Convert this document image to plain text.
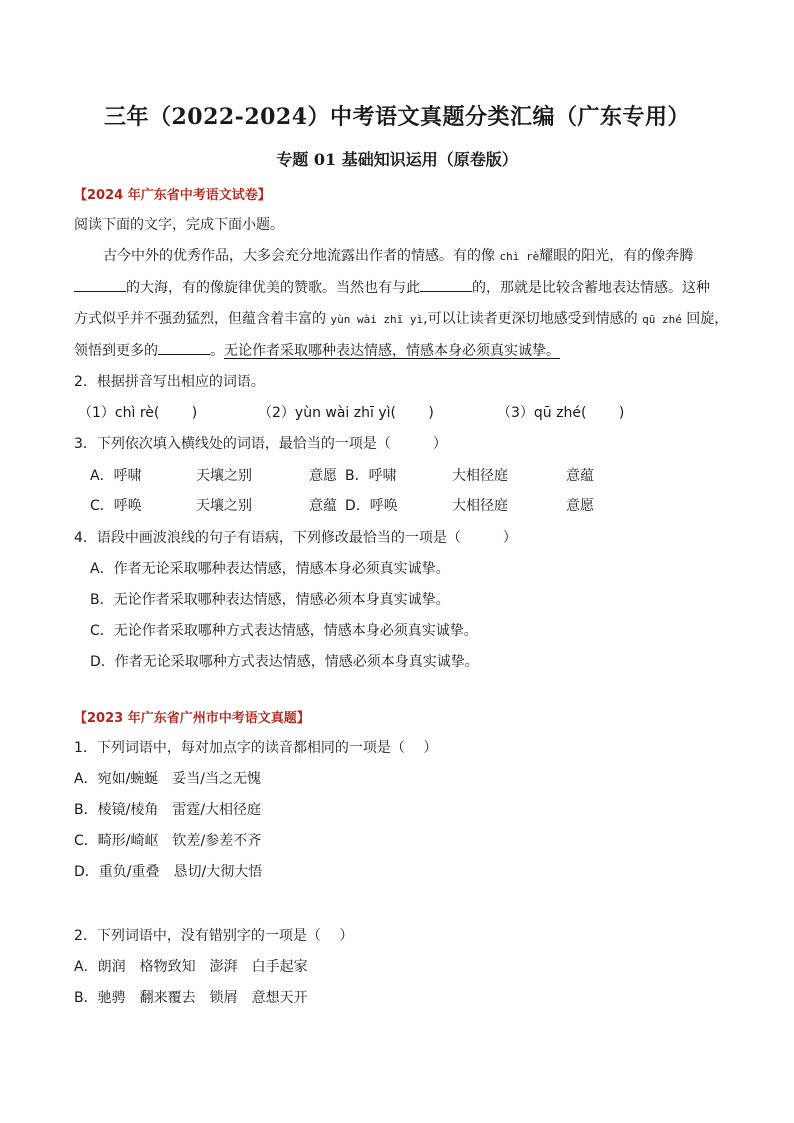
三年（2022-2024）中考语文真题分类汇编（广东专用）
专题 01 基础知识运用（原卷版）
【2024 年广东省中考语文试卷】
阅读下面的文字，完成下面小题。
古今中外的优秀作品，大多会充分地流露出作者的情感。有的像 chì rè耀眼的阳光，有的像奔腾
的大海，有的像旋律优美的赞歌。当然也有与此	的，那就是比较含蓄地表达情感。这种
方式似乎并不强劲猛烈，但蕴含着丰富的 yùn wài zhī yì,可以让读者更深切地感受到情感的 qū zhé 回旋，
领悟到更多的	。无论作者采取哪种表达情感，情感本身必须真实诚挚。
2．根据拼音写出相应的词语。
（1）chì rè(　　 )	（2）yùn wài zhī yì(　　 )	（3）qū zhé(　　 )
3．下列依次填入横线处的词语，最恰当的一项是（　　　）
A．呼啸	天壤之别	意愿 B．呼啸	大相径庭	意蕴
C．呼唤	天壤之别	意蕴 D．呼唤	大相径庭	意愿
4．语段中画波浪线的句子有语病，下列修改最恰当的一项是（　　　）
A．作者无论采取哪种表达情感，情感本身必须真实诚挚。
B．无论作者采取哪种表达情感，情感必须本身真实诚挚。
C．无论作者采取哪种方式表达情感，情感本身必须真实诚挚。
D．作者无论采取哪种方式表达情感，情感必须本身真实诚挚。
【2023 年广东省广州市中考语文真题】
1．下列词语中，每对加点字的读音都相同的一项是（　 ）
A．宛如/蜿蜒　妥当/当之无愧
B．棱镜/棱角　雷霆/大相径庭
C．畸形/崎岖　钦差/参差不齐
D．重负/重叠　恳切/大彻大悟
2．下列词语中，没有错别字的一项是（　 ）
A．朗润　格物致知　澎湃　白手起家
B．驰骋　翻来覆去　锁屑　意想天开
